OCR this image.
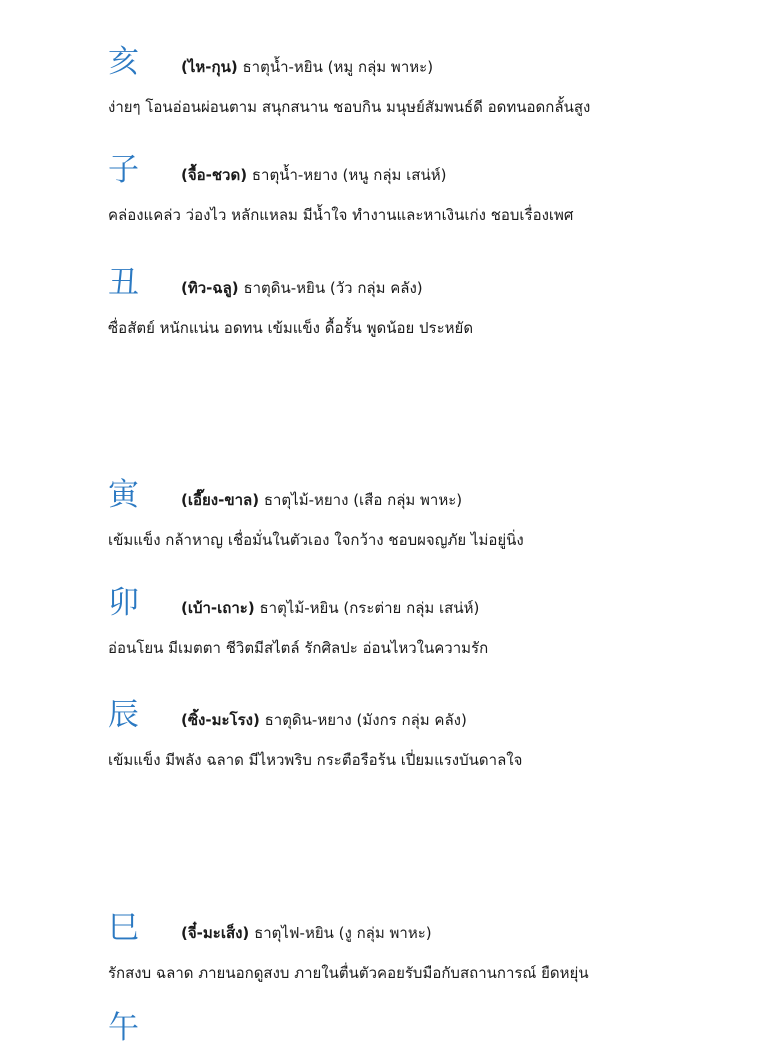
亥	(ไห-กุน) ธาตุน้ำ-หยิน (หมู กลุ่ม พาหะ)
ง่ายๆ โอนอ่อนผ่อนตาม สนุกสนาน ชอบกิน มนุษย์สัมพนธ์ดี อดทนอดกลั้นสูง
子	(จื้อ-ชวด) ธาตุน้ำ-หยาง (หนู กลุ่ม เสน่ห์)
คล่องแคล่ว ว่องไว หลักแหลม มีน้ำใจ ทำงานและหาเงินเก่ง ชอบเรื่องเพศ
丑	(ทิว-ฉลู) ธาตุดิน-หยิน (วัว กลุ่ม คลัง)
ซื่อสัตย์ หนักแน่น อดทน เข้มแข็ง ดื้อรั้น พูดน้อย ประหยัด
寅	(เอี๊ยง-ขาล) ธาตุไม้-หยาง (เสือ กลุ่ม พาหะ)
เข้มแข็ง กล้าหาญ เชื่อมั่นในตัวเอง ใจกว้าง ชอบผจญภัย ไม่อยู่นิ่ง
卯	(เบ้า-เถาะ) ธาตุไม้-หยิน (กระต่าย กลุ่ม เสน่ห์)
อ่อนโยน มีเมตตา ชีวิตมีสไตล์ รักศิลปะ อ่อนไหวในความรัก
辰	(ซิ้ง-มะโรง) ธาตุดิน-หยาง (มังกร กลุ่ม คลัง)
เข้มแข็ง มีพลัง ฉลาด มีไหวพริบ กระตือรือร้น เปี่ยมแรงบันดาลใจ
巳	(จี๋-มะเส็ง) ธาตุไฟ-หยิน (งู กลุ่ม พาหะ)
รักสงบ ฉลาด ภายนอกดูสงบ ภายในตื่นตัวคอยรับมือกับสถานการณ์ ยืดหยุ่น
午
